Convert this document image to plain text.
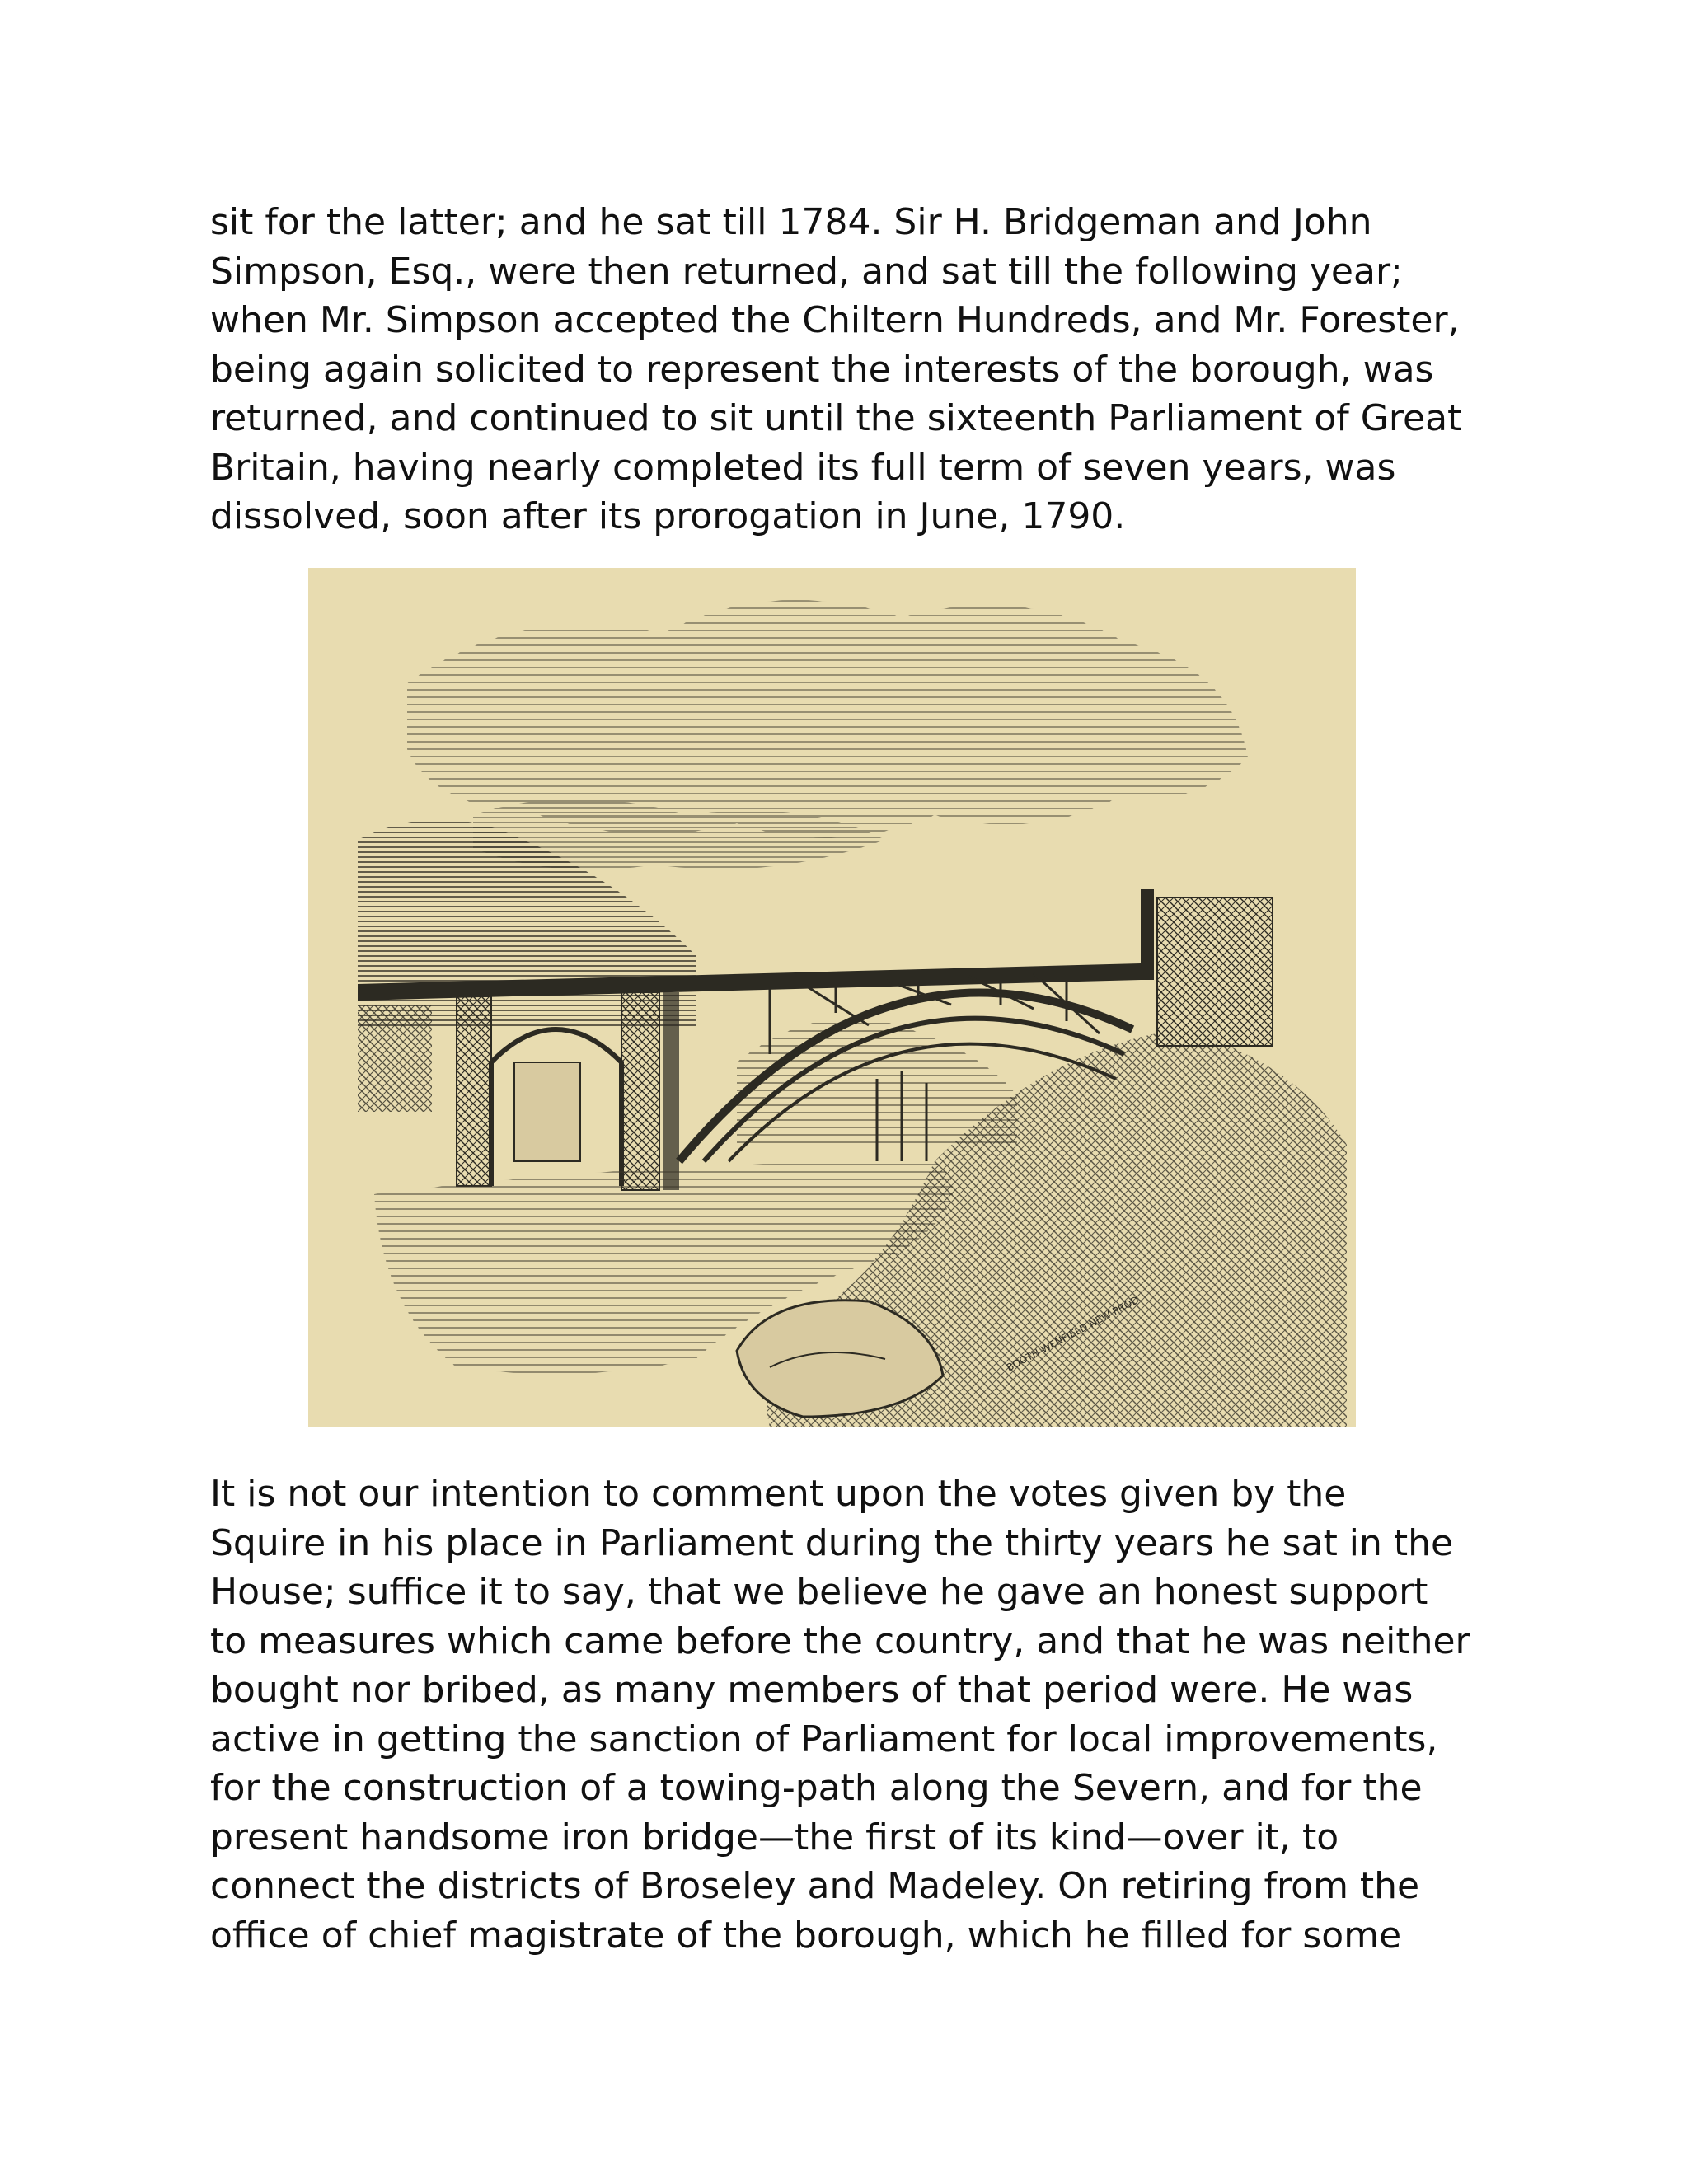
sit for the latter; and he sat till 1784. Sir H. Bridgeman and John
Simpson, Esq., were then returned, and sat till the following year;
when Mr. Simpson accepted the Chiltern Hundreds, and Mr. Forester,
being again solicited to represent the interests of the borough, was
returned, and continued to sit until the sixteenth Parliament of Great
Britain, having nearly completed its full term of seven years, was
dissolved, soon after its prorogation in June, 1790.
BOOTH WENFIELD NEW PROD.
It is not our intention to comment upon the votes given by the
Squire in his place in Parliament during the thirty years he sat in the
House; suffice it to say, that we believe he gave an honest support
to measures which came before the country, and that he was neither
bought nor bribed, as many members of that period were. He was
active in getting the sanction of Parliament for local improvements,
for the construction of a towing-path along the Severn, and for the
present handsome iron bridge—the first of its kind—over it, to
connect the districts of Broseley and Madeley. On retiring from the
office of chief magistrate of the borough, which he filled for some
